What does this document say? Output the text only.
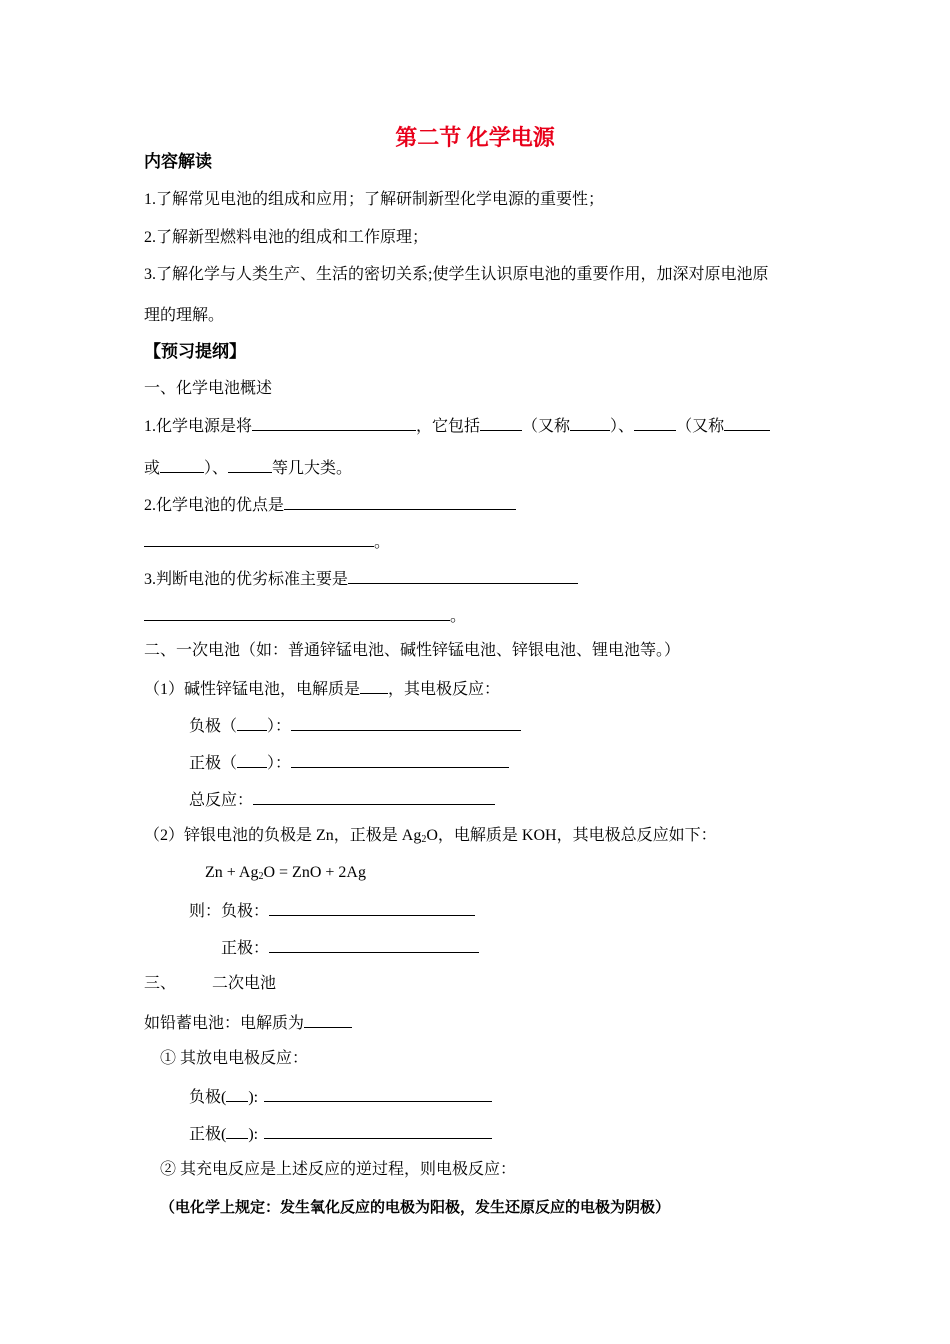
第二节 化学电源
内容解读
1.了解常见电池的组成和应用；了解研制新型化学电源的重要性；
2.了解新型燃料电池的组成和工作原理；
3.了解化学与人类生产、生活的密切关系;使学生认识原电池的重要作用，加深对原电池原
理的理解。
【预习提纲】
一、化学电池概述
1.化学电源是将	，它包括	（又称	）、	（又称
或	）、	等几大类。
2.化学电池的优点是
。
3.判断电池的优劣标准主要是
。
二、一次电池（如：普通锌锰电池、碱性锌锰电池、锌银电池、锂电池等。）
（1）碱性锌锰电池，电解质是 ，其电极反应：
负极（ ）：
正极（ ）：
总反应：
（2）锌银电池的负极是 Zn，正极是 $Ag_2O$，电解质是 KOH，其电极总反应如下：
$Zn + Ag_2O$ = ZnO + 2Ag
则：负极：
正极：
三、 二次电池
如铅蓄电池：电解质为
① 其放电电极反应：
负极( ):
正极( ):
② 其充电反应是上述反应的逆过程，则电极反应：
（电化学上规定：发生氧化反应的电极为阳极，发生还原反应的电极为阴极）
